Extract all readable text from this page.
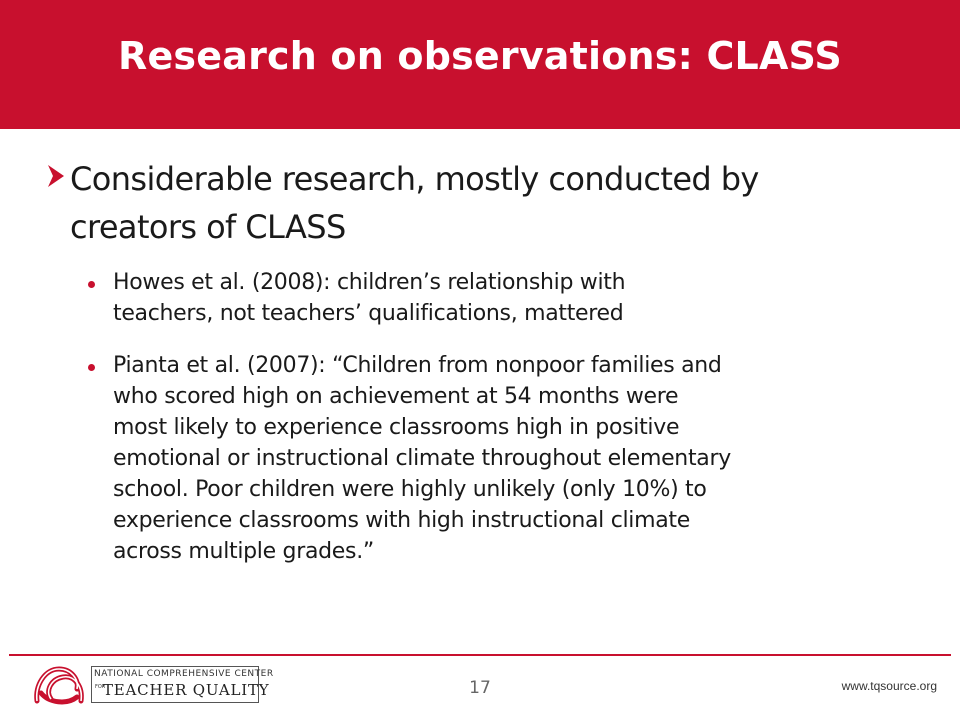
Research on observations: CLASS
Considerable research, mostly conducted by
creators of CLASS
Howes et al. (2008): children’s relationship with
teachers, not teachers’ qualifications, mattered
Pianta et al. (2007): “Children from nonpoor families and
who scored high on achievement at 54 months were
most likely to experience classrooms high in positive
emotional or instructional climate throughout elementary
school. Poor children were highly unlikely (only 10%) to
experience classrooms with high instructional climate
across multiple grades.”
NATIONAL COMPREHENSIVE CENTER
FOR
TEACHER QUALITY	17	www.tqsource.org
